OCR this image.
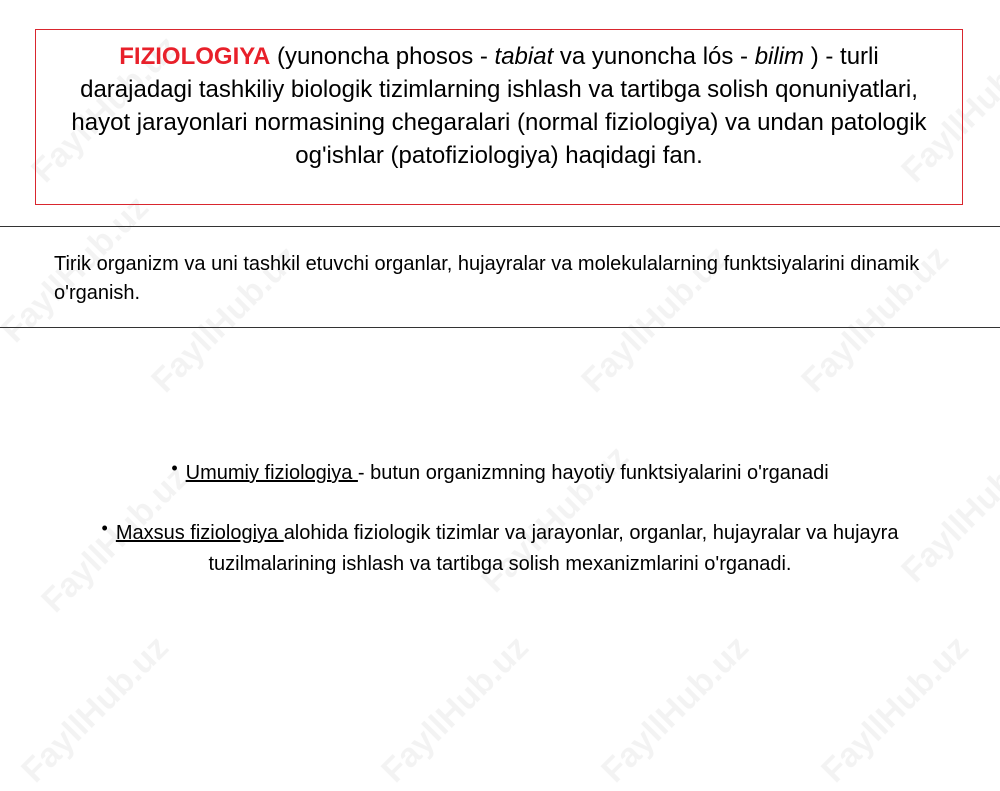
FIZIOLOGIYA (yunoncha phosos - tabiat va yunoncha lós - bilim ) - turli darajadagi tashkiliy biologik tizimlarning ishlash va tartibga solish qonuniyatlari, hayot jarayonlari normasining chegaralari (normal fiziologiya) va undan patologik og'ishlar (patofiziologiya) haqidagi fan.
Tirik organizm va uni tashkil etuvchi organlar, hujayralar va molekulalarning funktsiyalarini dinamik o'rganish.
• Umumiy fiziologiya - butun organizmning hayotiy funktsiyalarini o'rganadi
• Maxsus fiziologiya alohida fiziologik tizimlar va jarayonlar, organlar, hujayralar va hujayra tuzilmalarining ishlash va tartibga solish mexanizmlarini o'rganadi.
